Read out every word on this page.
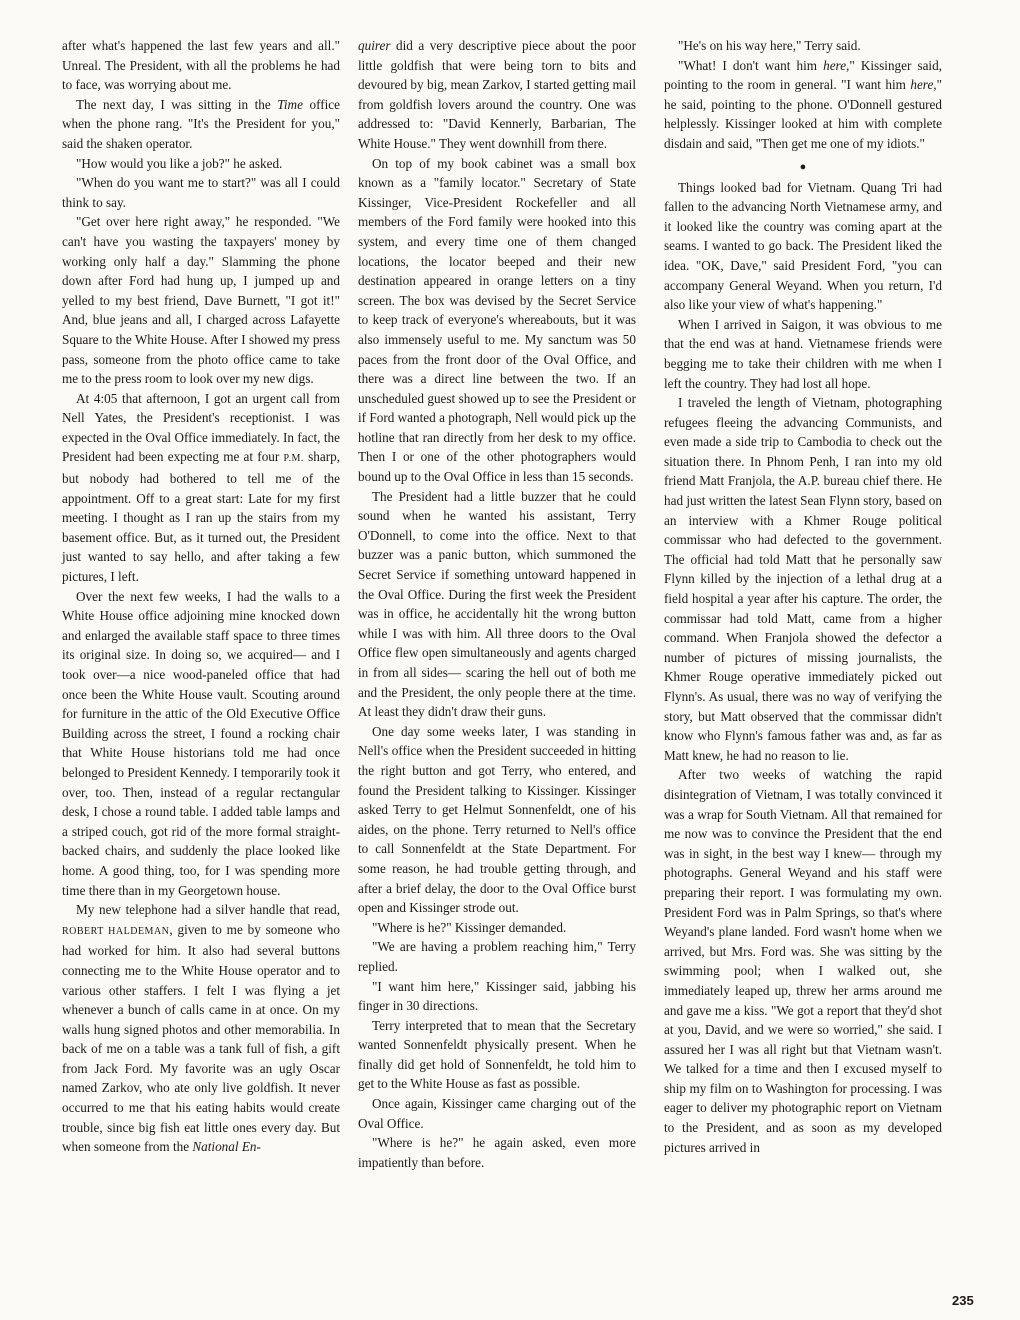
after what's happened the last few years and all." Unreal. The President, with all the problems he had to face, was worrying about me.

The next day, I was sitting in the Time office when the phone rang. "It's the President for you," said the shaken operator.

"How would you like a job?" he asked.

"When do you want me to start?" was all I could think to say.

"Get over here right away," he responded. "We can't have you wasting the taxpayers' money by working only half a day." Slamming the phone down after Ford had hung up, I jumped up and yelled to my best friend, Dave Burnett, "I got it!" And, blue jeans and all, I charged across Lafayette Square to the White House. After I showed my press pass, someone from the photo office came to take me to the press room to look over my new digs.

At 4:05 that afternoon, I got an urgent call from Nell Yates, the President's receptionist. I was expected in the Oval Office immediately. In fact, the President had been expecting me at four P.M. sharp, but nobody had bothered to tell me of the appointment. Off to a great start: Late for my first meeting. I thought as I ran up the stairs from my basement office. But, as it turned out, the President just wanted to say hello, and after taking a few pictures, I left.

Over the next few weeks, I had the walls to a White House office adjoining mine knocked down and enlarged the available staff space to three times its original size. In doing so, we acquired— and I took over—a nice wood-paneled office that had once been the White House vault. Scouting around for furniture in the attic of the Old Executive Office Building across the street, I found a rocking chair that White House historians told me had once belonged to President Kennedy. I temporarily took it over, too. Then, instead of a regular rectangular desk, I chose a round table. I added table lamps and a striped couch, got rid of the more formal straight-backed chairs, and suddenly the place looked like home. A good thing, too, for I was spending more time there than in my Georgetown house.

My new telephone had a silver handle that read, ROBERT HALDEMAN, given to me by someone who had worked for him. It also had several buttons connecting me to the White House operator and to various other staffers. I felt I was flying a jet whenever a bunch of calls came in at once. On my walls hung signed photos and other memorabilia. In back of me on a table was a tank full of fish, a gift from Jack Ford. My favorite was an ugly Oscar named Zarkov, who ate only live goldfish. It never occurred to me that his eating habits would create trouble, since big fish eat little ones every day. But when someone from the National En-

quirer did a very descriptive piece about the poor little goldfish that were being torn to bits and devoured by big, mean Zarkov, I started getting mail from goldfish lovers around the country. One was addressed to: "David Kennerly, Barbarian, The White House." They went downhill from there.

On top of my book cabinet was a small box known as a "family locator." Secretary of State Kissinger, Vice-President Rockefeller and all members of the Ford family were hooked into this system, and every time one of them changed locations, the locator beeped and their new destination appeared in orange letters on a tiny screen. The box was devised by the Secret Service to keep track of everyone's whereabouts, but it was also immensely useful to me. My sanctum was 50 paces from the front door of the Oval Office, and there was a direct line between the two. If an unscheduled guest showed up to see the President or if Ford wanted a photograph, Nell would pick up the hotline that ran directly from her desk to my office. Then I or one of the other photographers would bound up to the Oval Office in less than 15 seconds.

The President had a little buzzer that he could sound when he wanted his assistant, Terry O'Donnell, to come into the office. Next to that buzzer was a panic button, which summoned the Secret Service if something untoward happened in the Oval Office. During the first week the President was in office, he accidentally hit the wrong button while I was with him. All three doors to the Oval Office flew open simultaneously and agents charged in from all sides— scaring the hell out of both me and the President, the only people there at the time. At least they didn't draw their guns.

One day some weeks later, I was standing in Nell's office when the President succeeded in hitting the right button and got Terry, who entered, and found the President talking to Kissinger. Kissinger asked Terry to get Helmut Sonnenfeldt, one of his aides, on the phone. Terry returned to Nell's office to call Sonnenfeldt at the State Department. For some reason, he had trouble getting through, and after a brief delay, the door to the Oval Office burst open and Kissinger strode out.

"Where is he?" Kissinger demanded.

"We are having a problem reaching him," Terry replied.

"I want him here," Kissinger said, jabbing his finger in 30 directions.

Terry interpreted that to mean that the Secretary wanted Sonnenfeldt physically present. When he finally did get hold of Sonnenfeldt, he told him to get to the White House as fast as possible.

Once again, Kissinger came charging out of the Oval Office.

"Where is he?" he again asked, even more impatiently than before.

"He's on his way here," Terry said.

"What! I don't want him here," Kissinger said, pointing to the room in general. "I want him here," he said, pointing to the phone. O'Donnell gestured helplessly. Kissinger looked at him with complete disdain and said, "Then get me one of my idiots."

●

Things looked bad for Vietnam. Quang Tri had fallen to the advancing North Vietnamese army, and it looked like the country was coming apart at the seams. I wanted to go back. The President liked the idea. "OK, Dave," said President Ford, "you can accompany General Weyand. When you return, I'd also like your view of what's happening."

When I arrived in Saigon, it was obvious to me that the end was at hand. Vietnamese friends were begging me to take their children with me when I left the country. They had lost all hope.

I traveled the length of Vietnam, photographing refugees fleeing the advancing Communists, and even made a side trip to Cambodia to check out the situation there. In Phnom Penh, I ran into my old friend Matt Franjola, the A.P. bureau chief there. He had just written the latest Sean Flynn story, based on an interview with a Khmer Rouge political commissar who had defected to the government. The official had told Matt that he personally saw Flynn killed by the injection of a lethal drug at a field hospital a year after his capture. The order, the commissar had told Matt, came from a higher command. When Franjola showed the defector a number of pictures of missing journalists, the Khmer Rouge operative immediately picked out Flynn's. As usual, there was no way of verifying the story, but Matt observed that the commissar didn't know who Flynn's famous father was and, as far as Matt knew, he had no reason to lie.

After two weeks of watching the rapid disintegration of Vietnam, I was totally convinced it was a wrap for South Vietnam. All that remained for me now was to convince the President that the end was in sight, in the best way I knew— through my photographs. General Weyand and his staff were preparing their report. I was formulating my own. President Ford was in Palm Springs, so that's where Weyand's plane landed. Ford wasn't home when we arrived, but Mrs. Ford was. She was sitting by the swimming pool; when I walked out, she immediately leaped up, threw her arms around me and gave me a kiss. "We got a report that they'd shot at you, David, and we were so worried," she said. I assured her I was all right but that Vietnam wasn't. We talked for a time and then I excused myself to ship my film on to Washington for processing. I was eager to deliver my photographic report on Vietnam to the President, and as soon as my developed pictures arrived in

235
